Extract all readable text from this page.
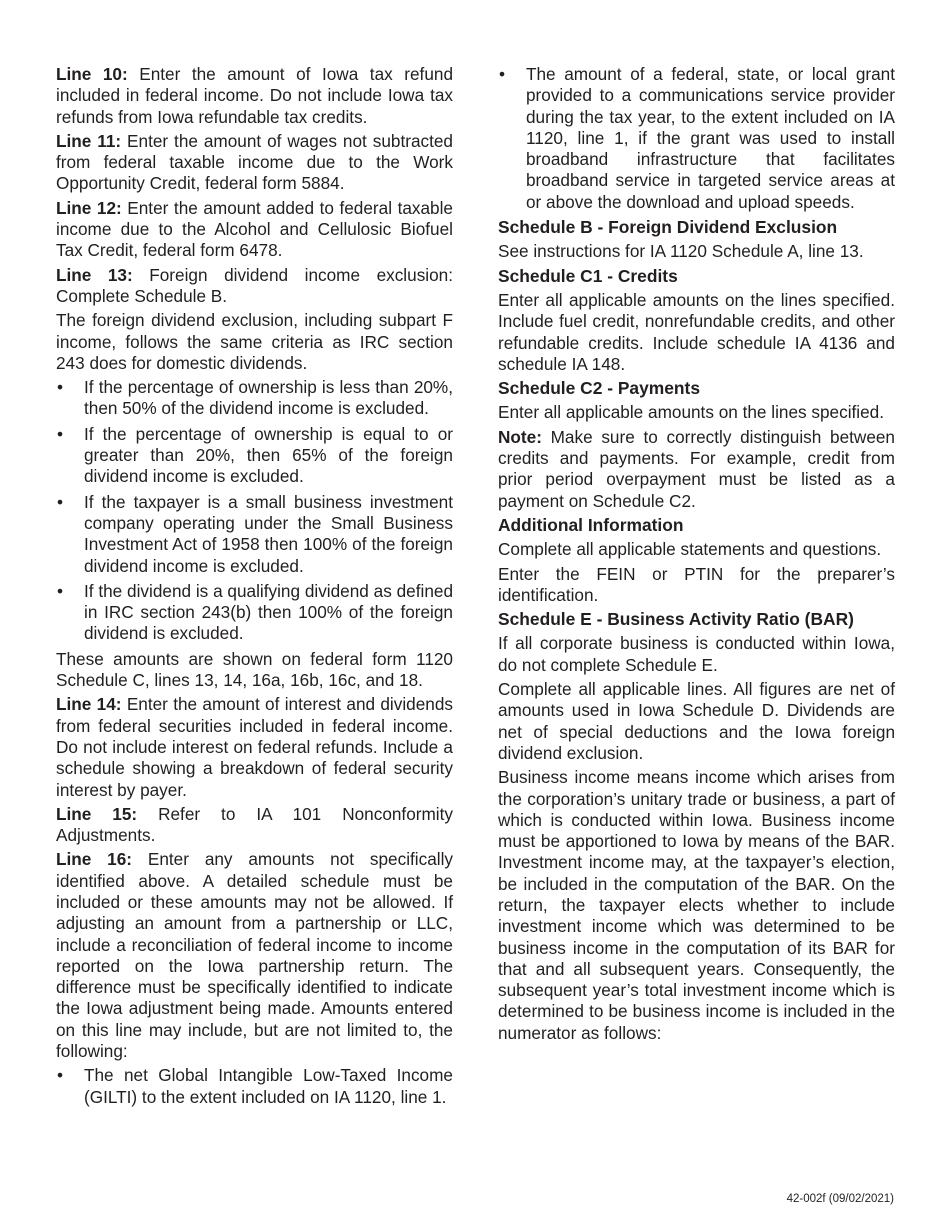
Line 10: Enter the amount of Iowa tax refund included in federal income. Do not include Iowa tax refunds from Iowa refundable tax credits.

Line 11: Enter the amount of wages not subtracted from federal taxable income due to the Work Opportunity Credit, federal form 5884.

Line 12: Enter the amount added to federal taxable income due to the Alcohol and Cellulosic Biofuel Tax Credit, federal form 6478.

Line 13: Foreign dividend income exclusion: Complete Schedule B.

The foreign dividend exclusion, including subpart F income, follows the same criteria as IRC section 243 does for domestic dividends.

• If the percentage of ownership is less than 20%, then 50% of the dividend income is excluded.
• If the percentage of ownership is equal to or greater than 20%, then 65% of the foreign dividend income is excluded.
• If the taxpayer is a small business investment company operating under the Small Business Investment Act of 1958 then 100% of the foreign dividend income is excluded.
• If the dividend is a qualifying dividend as defined in IRC section 243(b) then 100% of the foreign dividend is excluded.

These amounts are shown on federal form 1120 Schedule C, lines 13, 14, 16a, 16b, 16c, and 18.

Line 14: Enter the amount of interest and dividends from federal securities included in federal income. Do not include interest on federal refunds. Include a schedule showing a breakdown of federal security interest by payer.

Line 15: Refer to IA 101 Nonconformity Adjustments.

Line 16: Enter any amounts not specifically identified above. A detailed schedule must be included or these amounts may not be allowed. If adjusting an amount from a partnership or LLC, include a reconciliation of federal income to income reported on the Iowa partnership return. The difference must be specifically identified to indicate the Iowa adjustment being made. Amounts entered on this line may include, but are not limited to, the following:

• The net Global Intangible Low-Taxed Income (GILTI) to the extent included on IA 1120, line 1.
• The amount of a federal, state, or local grant provided to a communications service provider during the tax year, to the extent included on IA 1120, line 1, if the grant was used to install broadband infrastructure that facilitates broadband service in targeted service areas at or above the download and upload speeds.
Schedule B - Foreign Dividend Exclusion

See instructions for IA 1120 Schedule A, line 13.

Schedule C1 - Credits

Enter all applicable amounts on the lines specified. Include fuel credit, nonrefundable credits, and other refundable credits. Include schedule IA 4136 and schedule IA 148.

Schedule C2 - Payments

Enter all applicable amounts on the lines specified.

Note: Make sure to correctly distinguish between credits and payments. For example, credit from prior period overpayment must be listed as a payment on Schedule C2.

Additional Information

Complete all applicable statements and questions.

Enter the FEIN or PTIN for the preparer’s identification.

Schedule E - Business Activity Ratio (BAR)

If all corporate business is conducted within Iowa, do not complete Schedule E.

Complete all applicable lines. All figures are net of amounts used in Iowa Schedule D. Dividends are net of special deductions and the Iowa foreign dividend exclusion.

Business income means income which arises from the corporation’s unitary trade or business, a part of which is conducted within Iowa. Business income must be apportioned to Iowa by means of the BAR. Investment income may, at the taxpayer’s election, be included in the computation of the BAR. On the return, the taxpayer elects whether to include investment income which was determined to be business income in the computation of its BAR for that and all subsequent years. Consequently, the subsequent year’s total investment income which is determined to be business income is included in the numerator as follows:

42-002f (09/02/2021)
